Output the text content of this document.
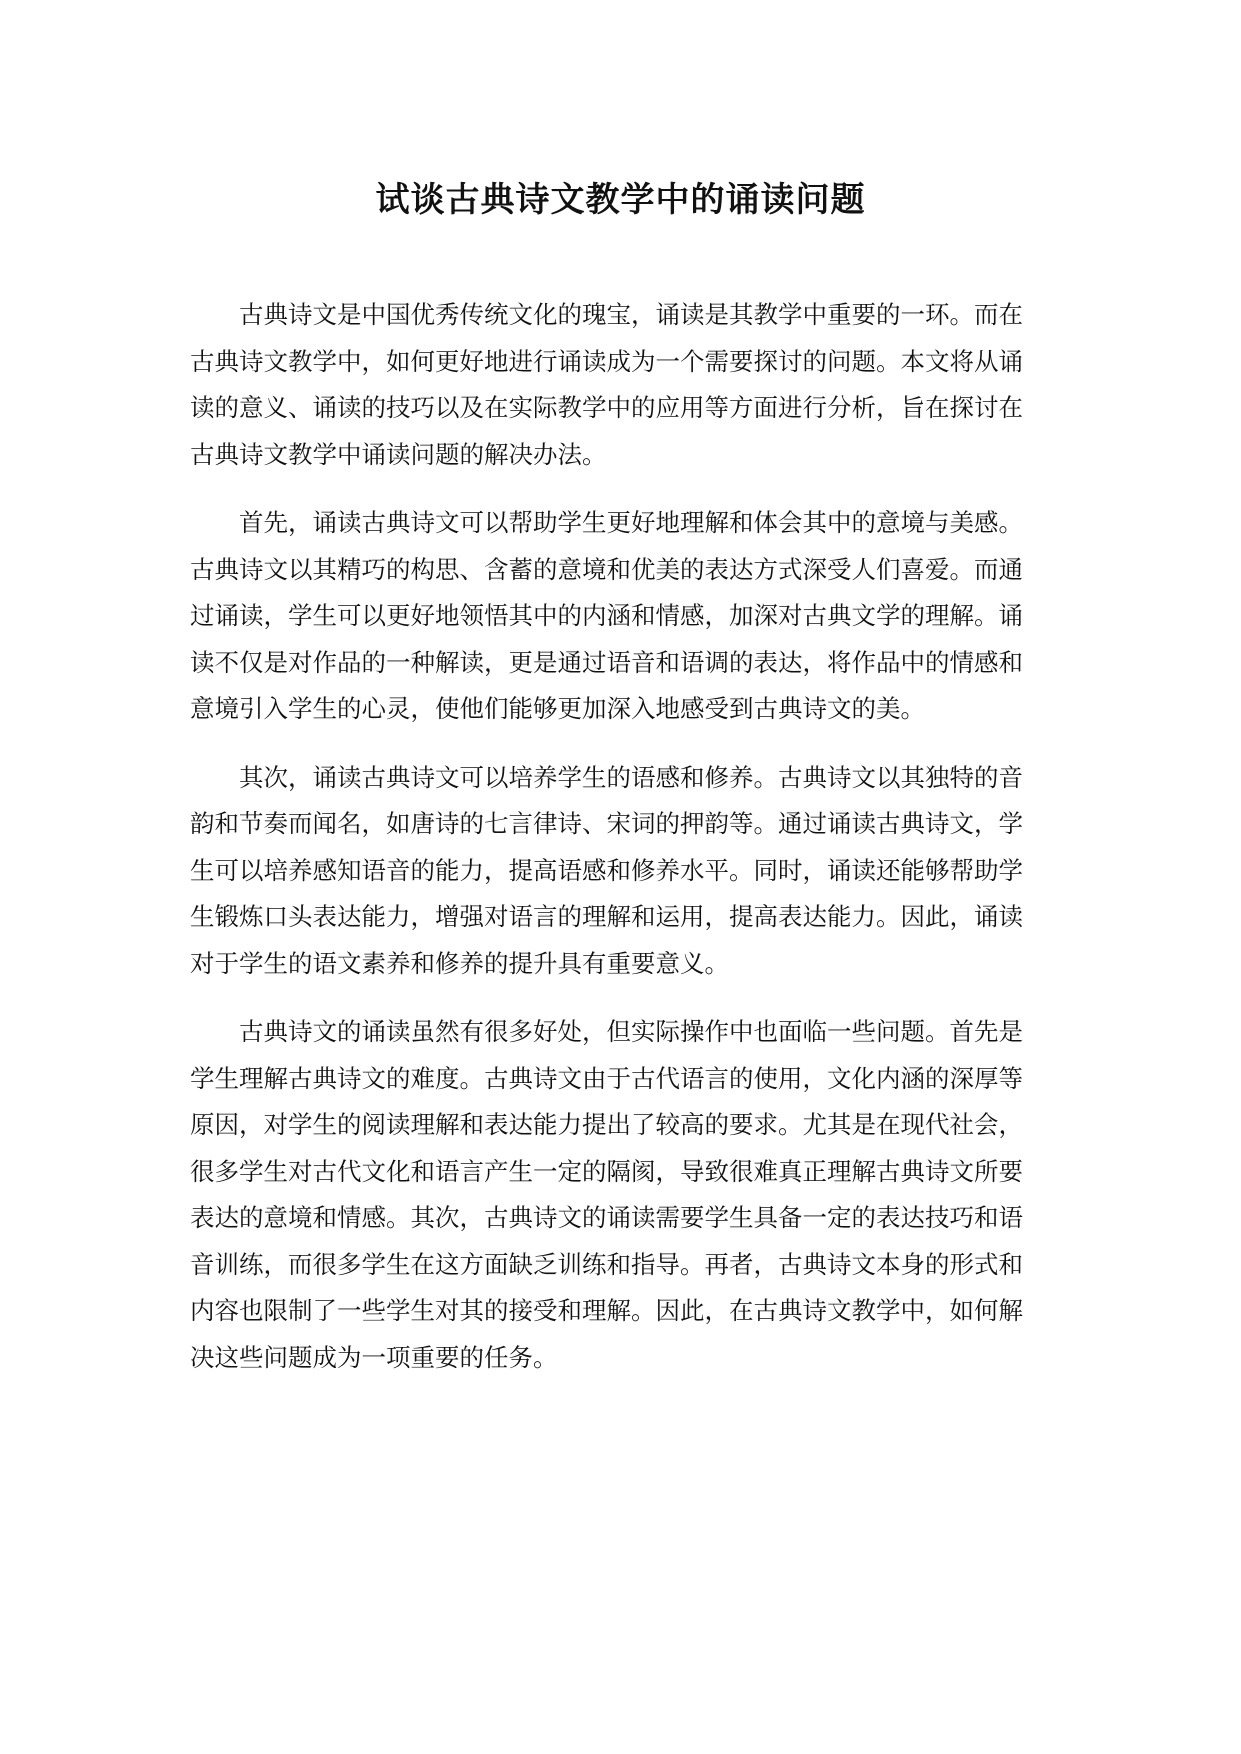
试谈古典诗文教学中的诵读问题

古典诗文是中国优秀传统文化的瑰宝，诵读是其教学中重要的一环。而在古典诗文教学中，如何更好地进行诵读成为一个需要探讨的问题。本文将从诵读的意义、诵读的技巧以及在实际教学中的应用等方面进行分析，旨在探讨在古典诗文教学中诵读问题的解决办法。

首先，诵读古典诗文可以帮助学生更好地理解和体会其中的意境与美感。古典诗文以其精巧的构思、含蓄的意境和优美的表达方式深受人们喜爱。而通过诵读，学生可以更好地领悟其中的内涵和情感，加深对古典文学的理解。诵读不仅是对作品的一种解读，更是通过语音和语调的表达，将作品中的情感和意境引入学生的心灵，使他们能够更加深入地感受到古典诗文的美。

其次，诵读古典诗文可以培养学生的语感和修养。古典诗文以其独特的音韵和节奏而闻名，如唐诗的七言律诗、宋词的押韵等。通过诵读古典诗文，学生可以培养感知语音的能力，提高语感和修养水平。同时，诵读还能够帮助学生锻炼口头表达能力，增强对语言的理解和运用，提高表达能力。因此，诵读对于学生的语文素养和修养的提升具有重要意义。

古典诗文的诵读虽然有很多好处，但实际操作中也面临一些问题。首先是学生理解古典诗文的难度。古典诗文由于古代语言的使用，文化内涵的深厚等原因，对学生的阅读理解和表达能力提出了较高的要求。尤其是在现代社会，很多学生对古代文化和语言产生一定的隔阂，导致很难真正理解古典诗文所要表达的意境和情感。其次，古典诗文的诵读需要学生具备一定的表达技巧和语音训练，而很多学生在这方面缺乏训练和指导。再者，古典诗文本身的形式和内容也限制了一些学生对其的接受和理解。因此，在古典诗文教学中，如何解决这些问题成为一项重要的任务。
